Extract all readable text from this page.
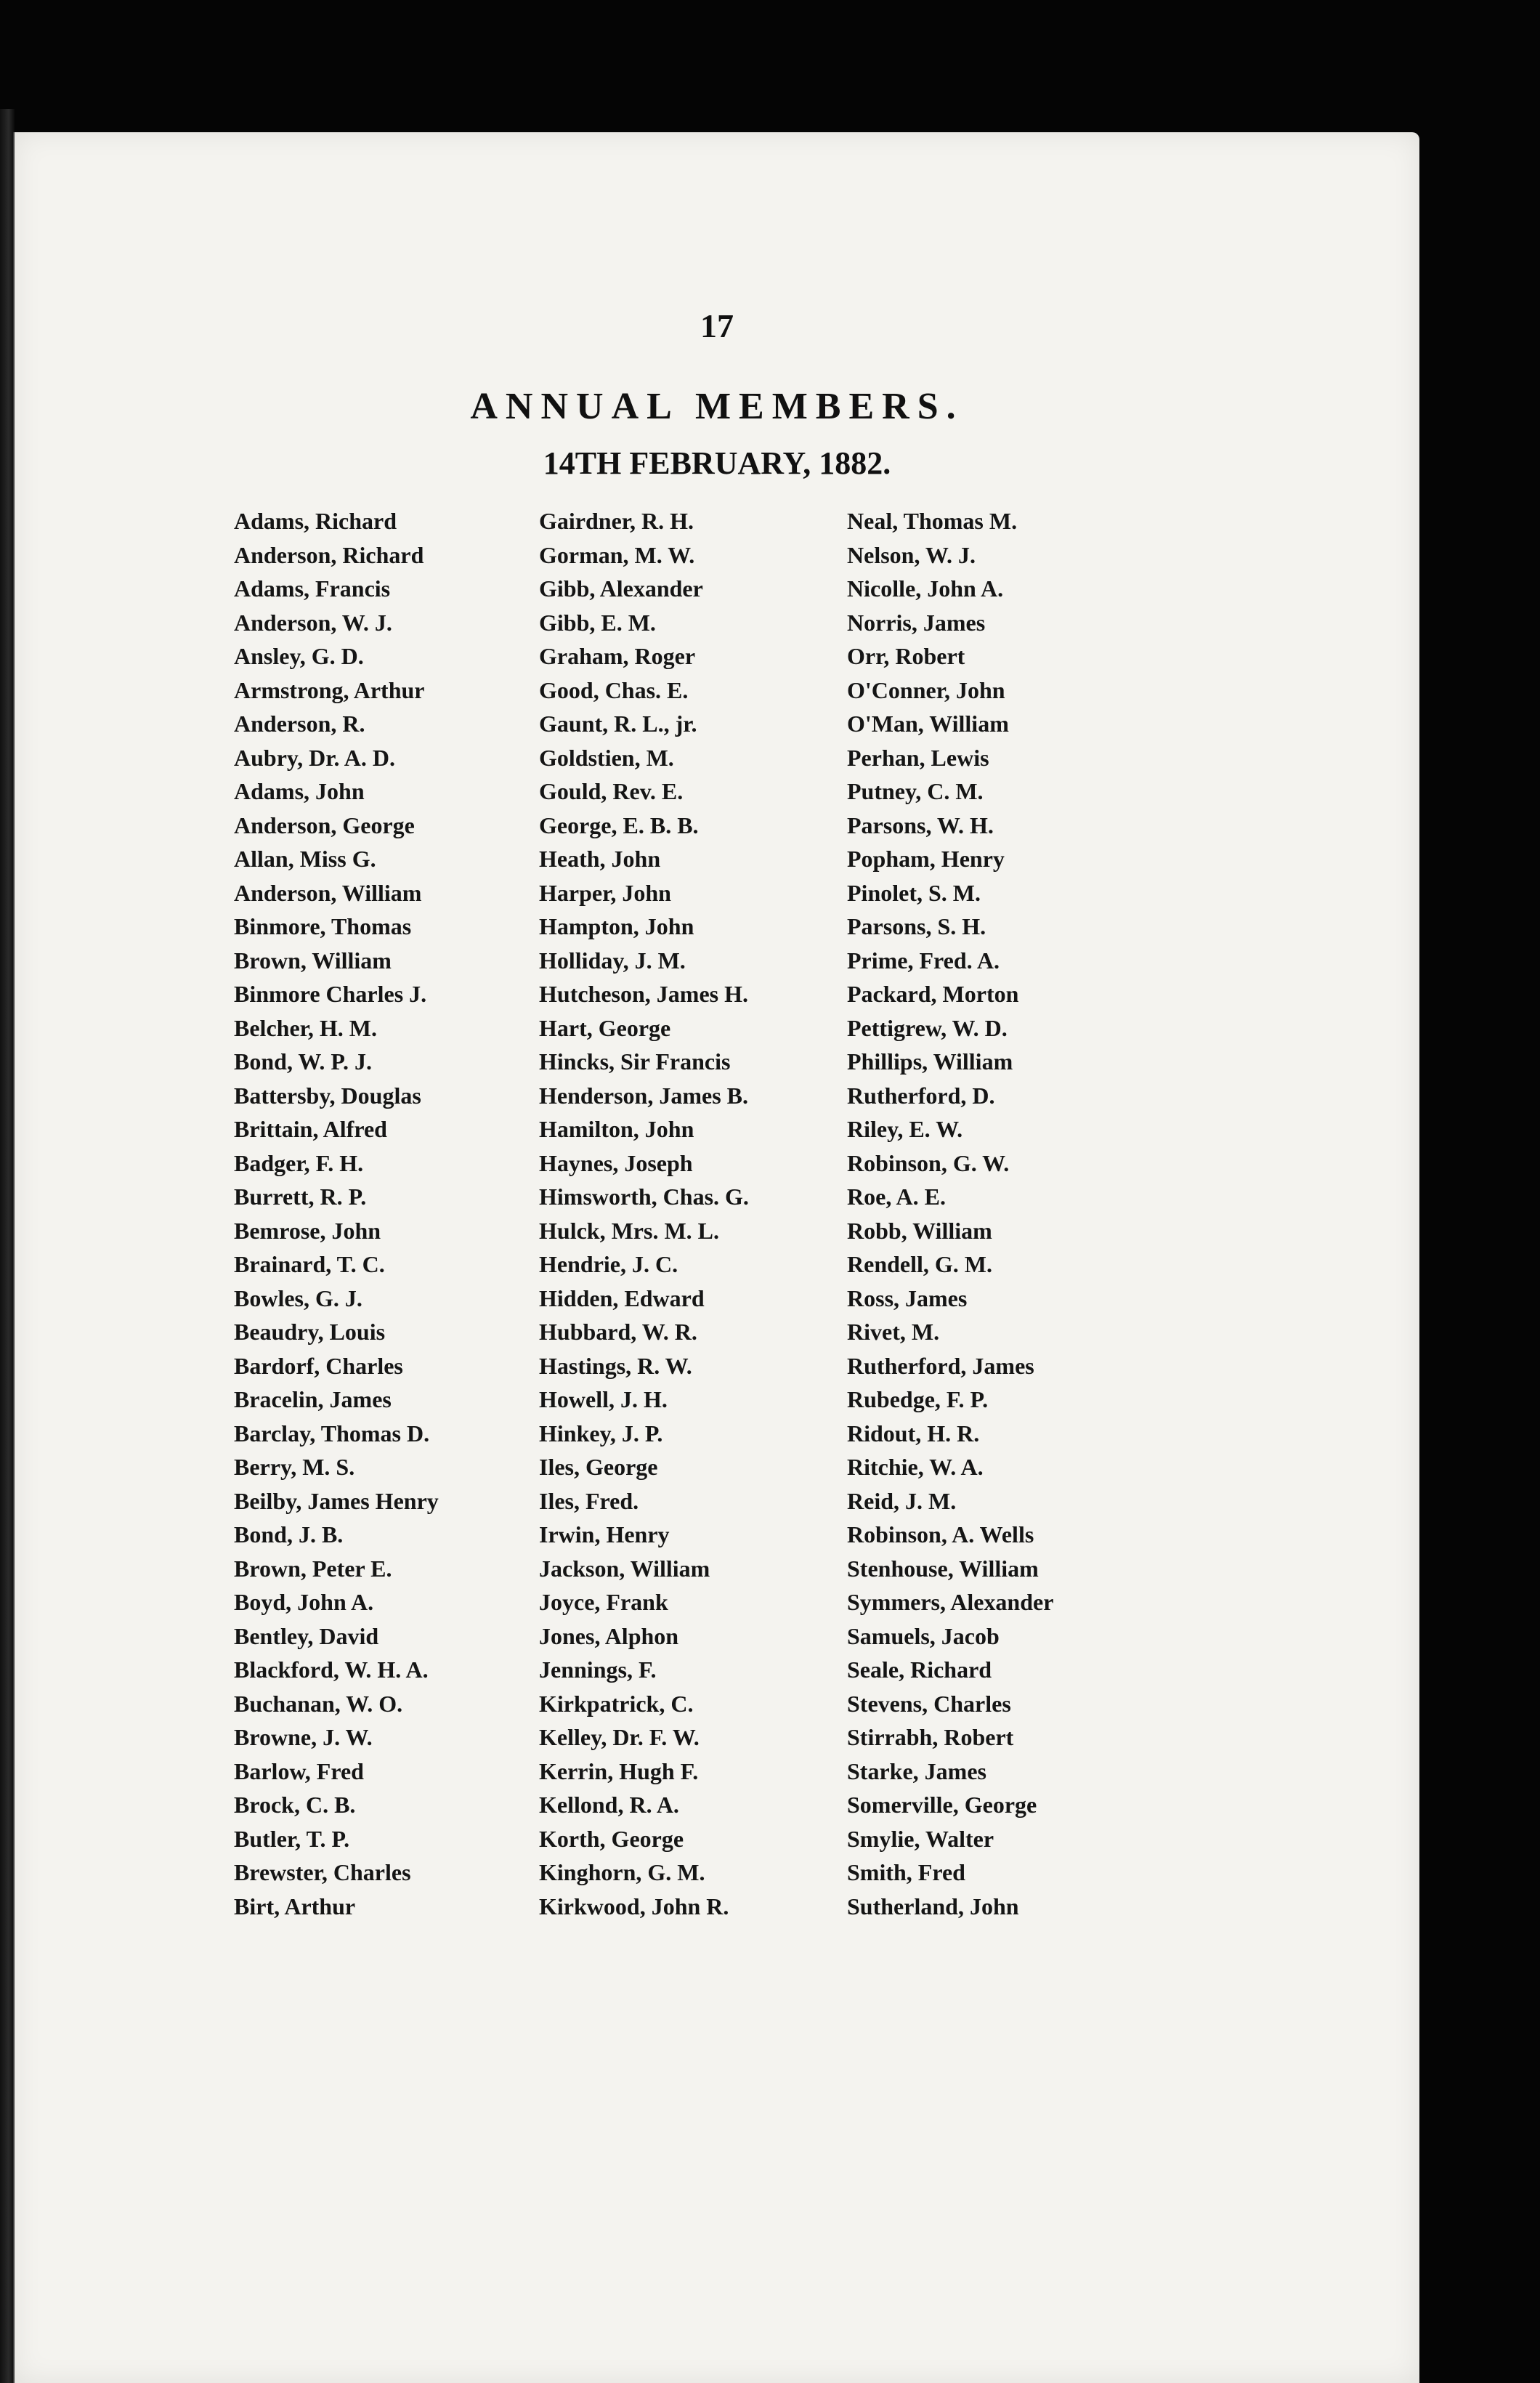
17
ANNUAL MEMBERS.
14TH FEBRUARY, 1882.
Adams, Richard
Anderson, Richard
Adams, Francis
Anderson, W. J.
Ansley, G. D.
Armstrong, Arthur
Anderson, R.
Aubry, Dr. A. D.
Adams, John
Anderson, George
Allan, Miss G.
Anderson, William
Binmore, Thomas
Brown, William
Binmore Charles J.
Belcher, H. M.
Bond, W. P. J.
Battersby, Douglas
Brittain, Alfred
Badger, F. H.
Burrett, R. P.
Bemrose, John
Brainard, T. C.
Bowles, G. J.
Beaudry, Louis
Bardorf, Charles
Bracelin, James
Barclay, Thomas D.
Berry, M. S.
Beilby, James Henry
Bond, J. B.
Brown, Peter E.
Boyd, John A.
Bentley, David
Blackford, W. H. A.
Buchanan, W. O.
Browne, J. W.
Barlow, Fred
Brock, C. B.
Butler, T. P.
Brewster, Charles
Birt, Arthur
Gairdner, R. H.
Gorman, M. W.
Gibb, Alexander
Gibb, E. M.
Graham, Roger
Good, Chas. E.
Gaunt, R. L., jr.
Goldstien, M.
Gould, Rev. E.
George, E. B. B.
Heath, John
Harper, John
Hampton, John
Holliday, J. M.
Hutcheson, James H.
Hart, George
Hincks, Sir Francis
Henderson, James B.
Hamilton, John
Haynes, Joseph
Himsworth, Chas. G.
Hulck, Mrs. M. L.
Hendrie, J. C.
Hidden, Edward
Hubbard, W. R.
Hastings, R. W.
Howell, J. H.
Hinkey, J. P.
Iles, George
Iles, Fred.
Irwin, Henry
Jackson, William
Joyce, Frank
Jones, Alphon
Jennings, F.
Kirkpatrick, C.
Kelley, Dr. F. W.
Kerrin, Hugh F.
Kellond, R. A.
Korth, George
Kinghorn, G. M.
Kirkwood, John R.
Neal, Thomas M.
Nelson, W. J.
Nicolle, John A.
Norris, James
Orr, Robert
O'Conner, John
O'Man, William
Perhan, Lewis
Putney, C. M.
Parsons, W. H.
Popham, Henry
Pinolet, S. M.
Parsons, S. H.
Prime, Fred. A.
Packard, Morton
Pettigrew, W. D.
Phillips, William
Rutherford, D.
Riley, E. W.
Robinson, G. W.
Roe, A. E.
Robb, William
Rendell, G. M.
Ross, James
Rivet, M.
Rutherford, James
Rubedge, F. P.
Ridout, H. R.
Ritchie, W. A.
Reid, J. M.
Robinson, A. Wells
Stenhouse, William
Symmers, Alexander
Samuels, Jacob
Seale, Richard
Stevens, Charles
Stirrabh, Robert
Starke, James
Somerville, George
Smylie, Walter
Smith, Fred
Sutherland, John
